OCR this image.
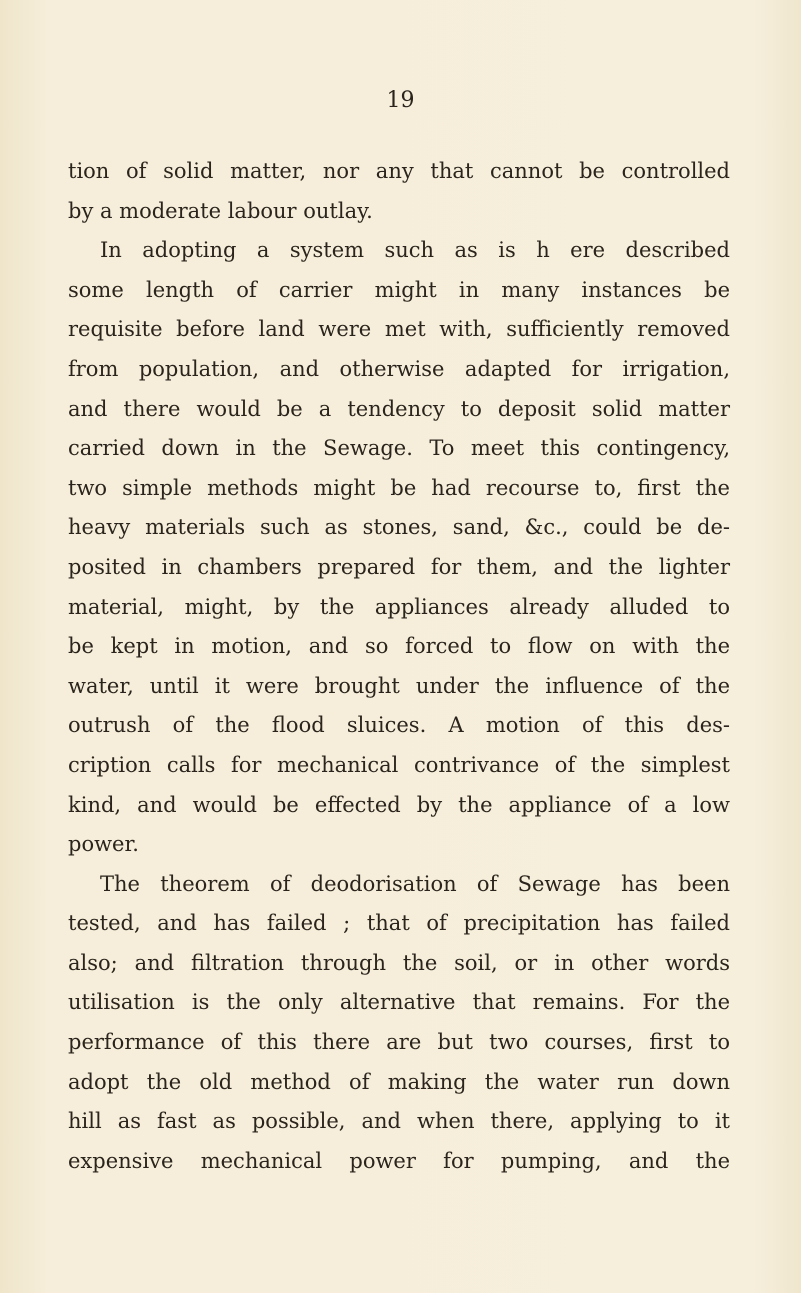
19
tion of solid matter, nor any that cannot be controlled
by a moderate labour outlay.
In adopting a system such as is h ere described
some length of carrier might in many instances be
requisite before land were met with, sufficiently removed
from population, and otherwise adapted for irrigation,
and there would be a tendency to deposit solid matter
carried down in the Sewage. To meet this contingency,
two simple methods might be had recourse to, first the
heavy materials such as stones, sand, &c., could be de-
posited in chambers prepared for them, and the lighter
material, might, by the appliances already alluded to
be kept in motion, and so forced to flow on with the
water, until it were brought under the influence of the
outrush of the flood sluices. A motion of this des-
cription calls for mechanical contrivance of the simplest
kind, and would be effected by the appliance of a low
power.
The theorem of deodorisation of Sewage has been
tested, and has failed ; that of precipitation has failed
also; and filtration through the soil, or in other words
utilisation is the only alternative that remains. For the
performance of this there are but two courses, first to
adopt the old method of making the water run down
hill as fast as possible, and when there, applying to it
expensive mechanical power for pumping, and the
